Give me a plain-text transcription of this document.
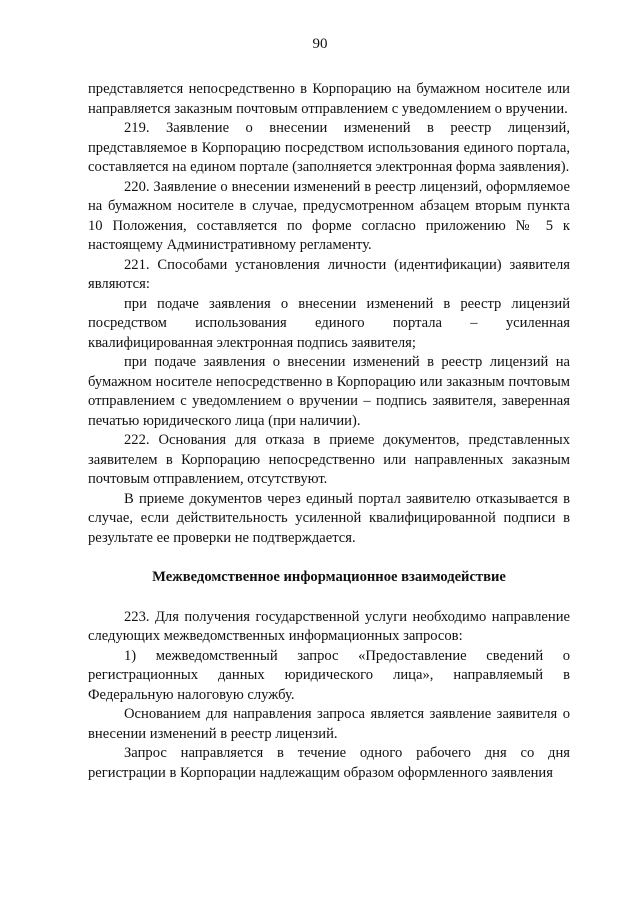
90

представляется непосредственно в Корпорацию на бумажном носителе или направляется заказным почтовым отправлением с уведомлением о вручении.

219. Заявление о внесении изменений в реестр лицензий, представляемое в Корпорацию посредством использования единого портала, составляется на едином портале (заполняется электронная форма заявления).

220. Заявление о внесении изменений в реестр лицензий, оформляемое на бумажном носителе в случае, предусмотренном абзацем вторым пункта 10 Положения, составляется по форме согласно приложению № 5 к настоящему Административному регламенту.

221. Способами установления личности (идентификации) заявителя являются:

при подаче заявления о внесении изменений в реестр лицензий посредством использования единого портала – усиленная квалифицированная электронная подпись заявителя;

при подаче заявления о внесении изменений в реестр лицензий на бумажном носителе непосредственно в Корпорацию или заказным почтовым отправлением с уведомлением о вручении – подпись заявителя, заверенная печатью юридического лица (при наличии).

222. Основания для отказа в приеме документов, представленных заявителем в Корпорацию непосредственно или направленных заказным почтовым отправлением, отсутствуют.

В приеме документов через единый портал заявителю отказывается в случае, если действительность усиленной квалифицированной подписи в результате ее проверки не подтверждается.

Межведомственное информационное взаимодействие

223. Для получения государственной услуги необходимо направление следующих межведомственных информационных запросов:

1) межведомственный запрос «Предоставление сведений о регистрационных данных юридического лица», направляемый в Федеральную налоговую службу.

Основанием для направления запроса является заявление заявителя о внесении изменений в реестр лицензий.

Запрос направляется в течение одного рабочего дня со дня регистрации в Корпорации надлежащим образом оформленного заявления
